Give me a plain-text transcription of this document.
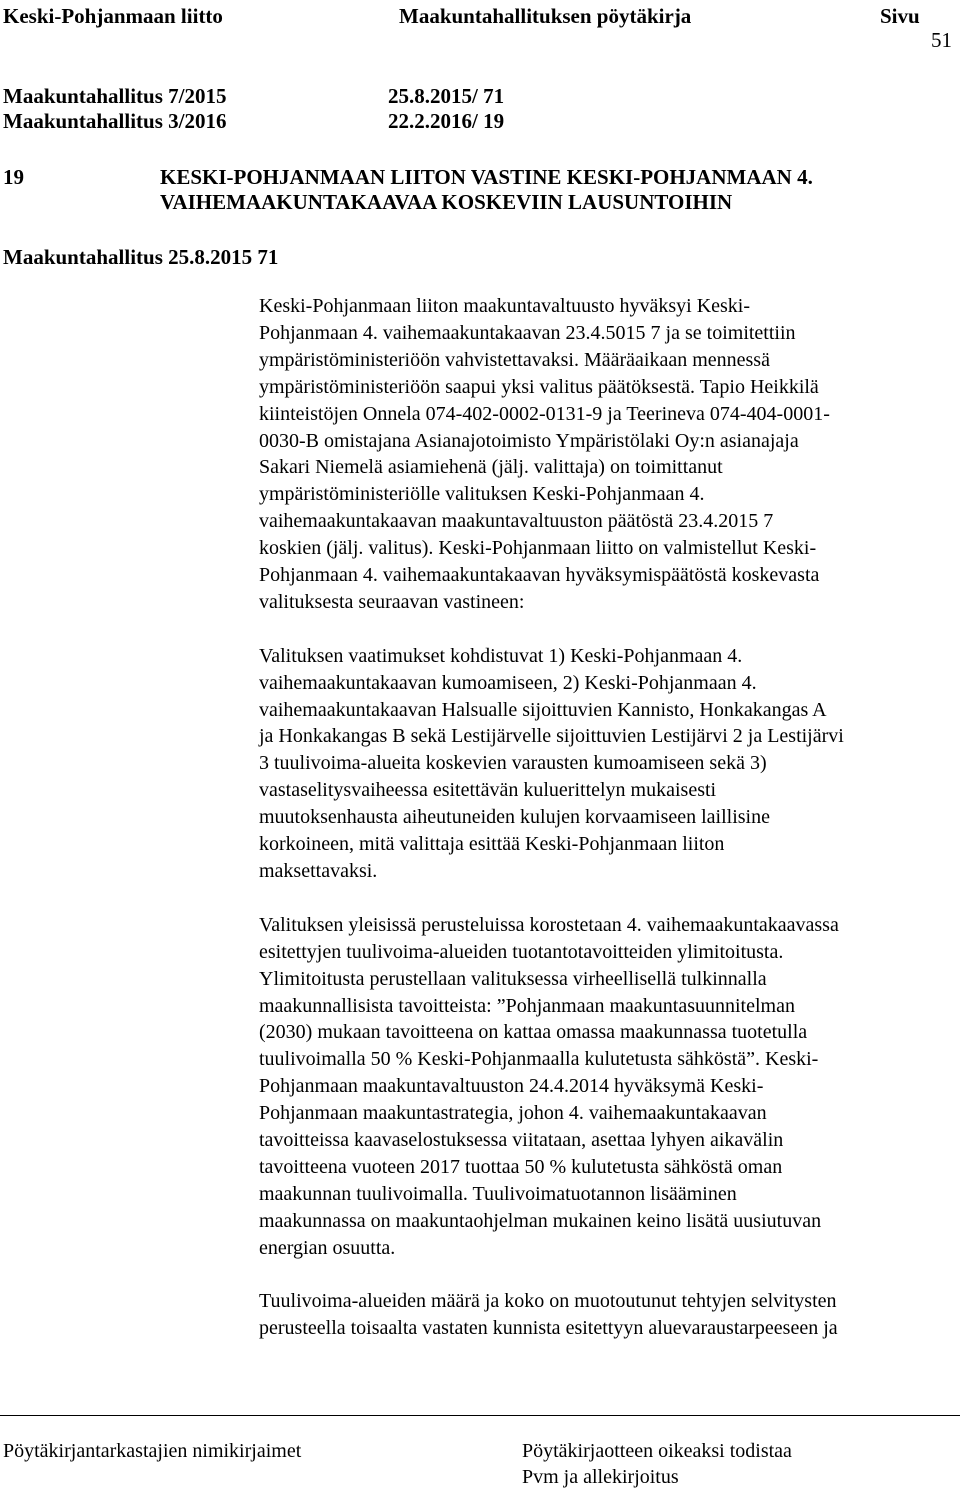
Keski-Pohjanmaan liitto	Maakuntahallituksen pöytäkirja	Sivu
51
Maakuntahallitus 7/2015	25.8.2015/ 71
Maakuntahallitus 3/2016	22.2.2016/ 19
19	KESKI-POHJANMAAN LIITON VASTINE KESKI-POHJANMAAN 4.
VAIHEMAAKUNTAKAAVAA KOSKEVIIN LAUSUNTOIHIN
Maakuntahallitus 25.8.2015 71

Keski-Pohjanmaan liiton maakuntavaltuusto hyväksyi Keski-

Pohjanmaan 4. vaihemaakuntakaavan 23.4.5015 7 ja se toimitettiin

ympäristöministeriöön vahvistettavaksi. Määräaikaan mennessä

ympäristöministeriöön saapui yksi valitus päätöksestä. Tapio Heikkilä

kiinteistöjen Onnela 074-402-0002-0131-9 ja Teerineva 074-404-0001-

0030-B omistajana Asianajotoimisto Ympäristölaki Oy:n asianajaja

Sakari Niemelä asiamiehenä (jälj. valittaja) on toimittanut

ympäristöministeriölle valituksen Keski-Pohjanmaan 4.

vaihemaakuntakaavan maakuntavaltuuston päätöstä 23.4.2015 7

koskien (jälj. valitus). Keski-Pohjanmaan liitto on valmistellut Keski-

Pohjanmaan 4. vaihemaakuntakaavan hyväksymispäätöstä koskevasta

valituksesta seuraavan vastineen:

Valituksen vaatimukset kohdistuvat 1) Keski-Pohjanmaan 4.

vaihemaakuntakaavan kumoamiseen, 2) Keski-Pohjanmaan 4.

vaihemaakuntakaavan Halsualle sijoittuvien Kannisto, Honkakangas A

ja Honkakangas B sekä Lestijärvelle sijoittuvien Lestijärvi 2 ja Lestijärvi

3 tuulivoima-alueita koskevien varausten kumoamiseen sekä 3)

vastaselitysvaiheessa esitettävän kuluerittelyn mukaisesti

muutoksenhausta aiheutuneiden kulujen korvaamiseen laillisine

korkoineen, mitä valittaja esittää Keski-Pohjanmaan liiton

maksettavaksi.

Valituksen yleisissä perusteluissa korostetaan 4. vaihemaakuntakaavassa

esitettyjen tuulivoima-alueiden tuotantotavoitteiden ylimitoitusta.

Ylimitoitusta perustellaan valituksessa virheellisellä tulkinnalla

maakunnallisista tavoitteista: ”Pohjanmaan maakuntasuunnitelman

(2030) mukaan tavoitteena on kattaa omassa maakunnassa tuotetulla

tuulivoimalla 50 % Keski-Pohjanmaalla kulutetusta sähköstä”. Keski-

Pohjanmaan maakuntavaltuuston 24.4.2014 hyväksymä Keski-

Pohjanmaan maakuntastrategia, johon 4. vaihemaakuntakaavan

tavoitteissa kaavaselostuksessa viitataan, asettaa lyhyen aikavälin

tavoitteena vuoteen 2017 tuottaa 50 % kulutetusta sähköstä oman

maakunnan tuulivoimalla. Tuulivoimatuotannon lisääminen

maakunnassa on maakuntaohjelman mukainen keino lisätä uusiutuvan

energian osuutta.

Tuulivoima-alueiden määrä ja koko on muotoutunut tehtyjen selvitysten

perusteella toisaalta vastaten kunnista esitettyyn aluevaraustarpeeseen ja

Pöytäkirjantarkastajien nimikirjaimet	Pöytäkirjaotteen oikeaksi todistaa
Pvm ja allekirjoitus
